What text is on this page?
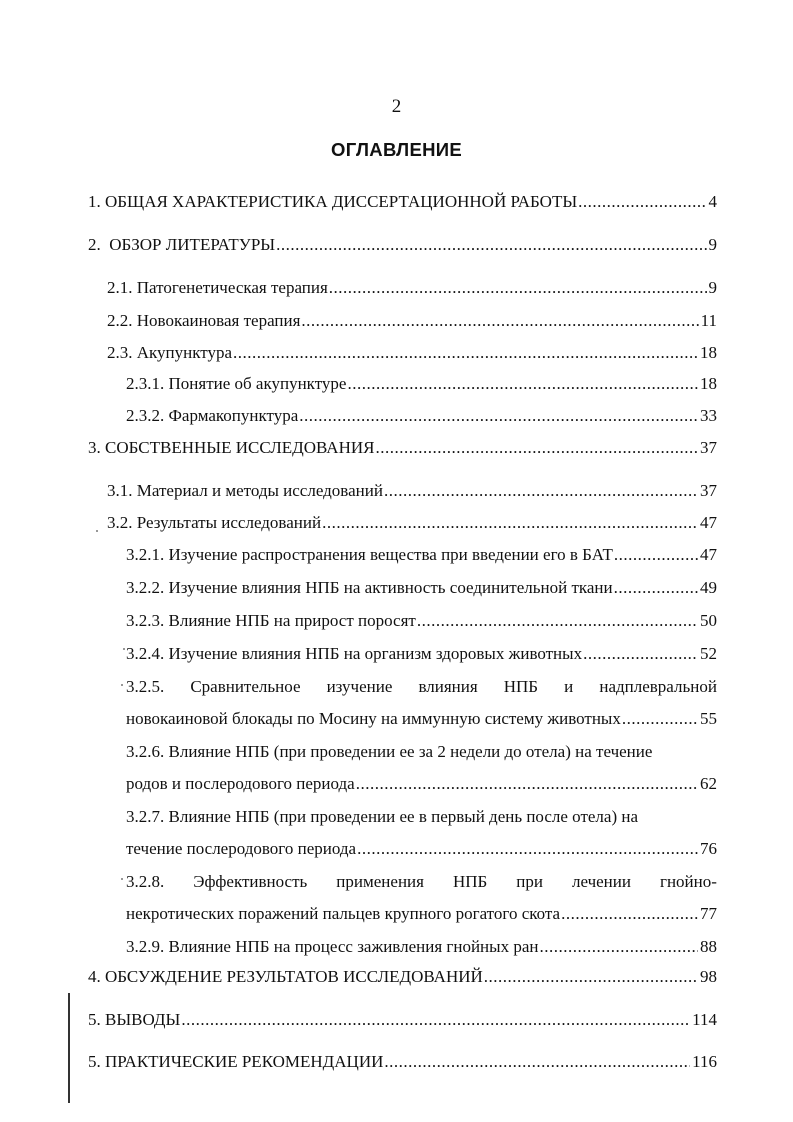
2
ОГЛАВЛЕНИЕ
1.
ОБЩАЯ ХАРАКТЕРИСТИКА ДИССЕРТАЦИОННОЙ РАБОТЫ .....	4
2. ОБЗОР ЛИТЕРАТУРЫ .....	9
2.1.
Патогенетическая терапия .....	9
2.2.
Новокаиновая терапия .....	11
2.3.
Акупунктура .....	18
2.3.1.
Понятие об акупунктуре .....	18
2.3.2.
Фармакопунктура .....	33
3.
СОБСТВЕННЫЕ ИССЛЕДОВАНИЯ .....	37
3.1.
Материал и методы исследований .....	37
3.2.
Результаты исследований .....	47
3.2.1.
Изучение распространения вещества при введении его в БАТ .....	47
3.2.2.
Изучение влияния НПБ на активность соединительной ткани .....	49
3.2.3.
Влияние НПБ на прирост поросят .....	50
3.2.4.
Изучение влияния НПБ на организм здоровых животных .....	52
3.2.5. Сравнительное изучение влияния НПБ и надплевральной
новокаиновой блокады по Мосину на иммунную систему животных .....	55
3.2.6.
Влияние НПБ (при проведении ее за 2 недели до отела) на течение
родов и послеродового периода .....	62
3.2.7.
Влияние НПБ (при проведении ее в первый день после отела) на
течение послеродового периода .....	76
3.2.8. Эффективность применения НПБ при лечении гнойно-
некротических поражений пальцев крупного рогатого скота .....	77
3.2.9.
Влияние НПБ на процесс заживления гнойных ран .....	88
4.
ОБСУЖДЕНИЕ РЕЗУЛЬТАТОВ ИССЛЕДОВАНИЙ .....	98
5.
ВЫВОДЫ .....	114
5.
ПРАКТИЧЕСКИЕ РЕКОМЕНДАЦИИ .....	116
